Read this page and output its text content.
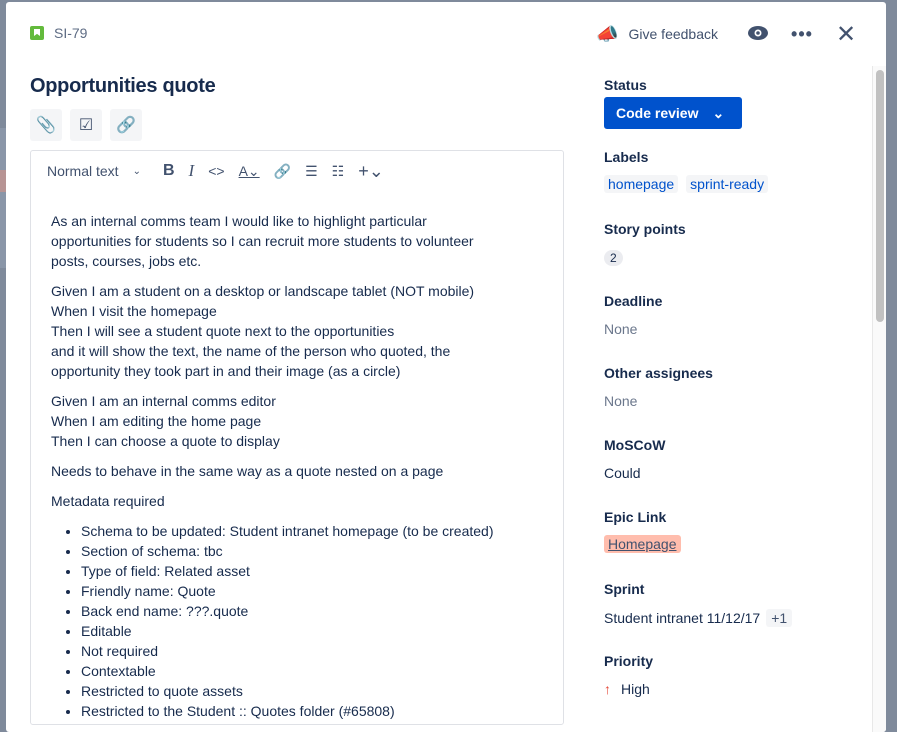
SI-79	📣 Give feedback	••• ✕
Opportunities quote
📎	☑	🔗
Normal text ⌄ B I <> A⌄ 🔗 ☰ ☷ +⌄

As an internal comms team I would like to highlight particular
opportunities for students so I can recruit more students to volunteer
posts, courses, jobs etc.

Given I am a student on a desktop or landscape tablet (NOT mobile)
When I visit the homepage
Then I will see a student quote next to the opportunities
and it will show the text, the name of the person who quoted, the
opportunity they took part in and their image (as a circle)

Given I am an internal comms editor
When I am editing the home page
Then I can choose a quote to display

Needs to behave in the same way as a quote nested on a page

Metadata required

• Schema to be updated: Student intranet homepage (to be created)
• Section of schema: tbc
• Type of field: Related asset
• Friendly name: Quote
• Back end name: ???.quote
• Editable
• Not required
• Contextable
• Restricted to quote assets
• Restricted to the Student :: Quotes folder (#65808)
Status
Code review ⌄
Labels
homepage sprint-ready
Story points
2
Deadline
None
Other assignees
None
MoSCoW
Could
Epic Link
Homepage
Sprint
Student intranet 11/12/17 +1
Priority
↑ High
